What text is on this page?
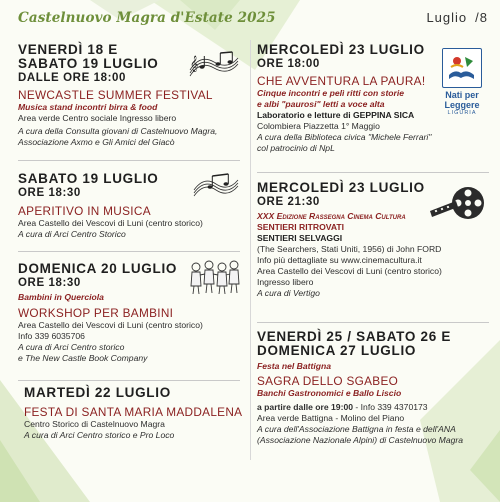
Castelnuovo Magra d'Estate 2025	Luglio /8
VENERDÌ 18 E
SABATO 19 LUGLIO
DALLE ORE 18:00
NEWCASTLE SUMMER FESTIVAL
Musica stand incontri birra & food
Area verde Centro sociale Ingresso libero
A cura della Consulta giovani di Castelnuovo Magra,
Associazione Axmo e Gli Amici del Giacò
𝄞
SABATO 19 LUGLIO
ORE 18:30
APERITIVO IN MUSICA
Area Castello dei Vescovi di Luni (centro storico)
A cura di Arci Centro Storico
DOMENICA 20 LUGLIO
ORE 18:30
Bambini in Querciola
WORKSHOP PER BAMBINI
Area Castello dei Vescovi di Luni (centro storico)
Info 339 6035706
A cura di Arci Centro storico
e The New Castle Book Company
MARTEDÌ 22 LUGLIO
FESTA DI SANTA MARIA MADDALENA
Centro Storico di Castelnuovo Magra
A cura di Arci Centro storico e Pro Loco
MERCOLEDÌ 23 LUGLIO
ORE 18:00
CHE AVVENTURA LA PAURA!
Cinque incontri e pelì ritti con storie
e albi "paurosi" letti a voce alta
Laboratorio e letture di GEPPINA SICA
Colombiera Piazzetta 1° Maggio
A cura della Biblioteca civica "Michele Ferrari"
col patrocinio di NpL
Nati per
Leggere
LIGURIA
MERCOLEDÌ 23 LUGLIO
ORE 21:30
XXX Edizione Rassegna Cinema Cultura
SENTIERI RITROVATI
SENTIERI SELVAGGI
(The Searchers, Stati Uniti, 1956) di John FORD
Info più dettagliate su www.cinemacultura.it
Area Castello dei Vescovi di Luni (centro storico)
Ingresso libero
A cura di Vertigo
VENERDÌ 25 / SABATO 26 E
DOMENICA 27 LUGLIO
Festa nel Battigna
SAGRA DELLO SGABEO
Banchi Gastronomici e Ballo Liscio
a partire dalle ore 19:00 - Info 339 4370173
Area verde Battigna - Molino del Piano
A cura dell'Associazione Battigna in festa e dell'ANA
(Associazione Nazionale Alpini) di Castelnuovo Magra
